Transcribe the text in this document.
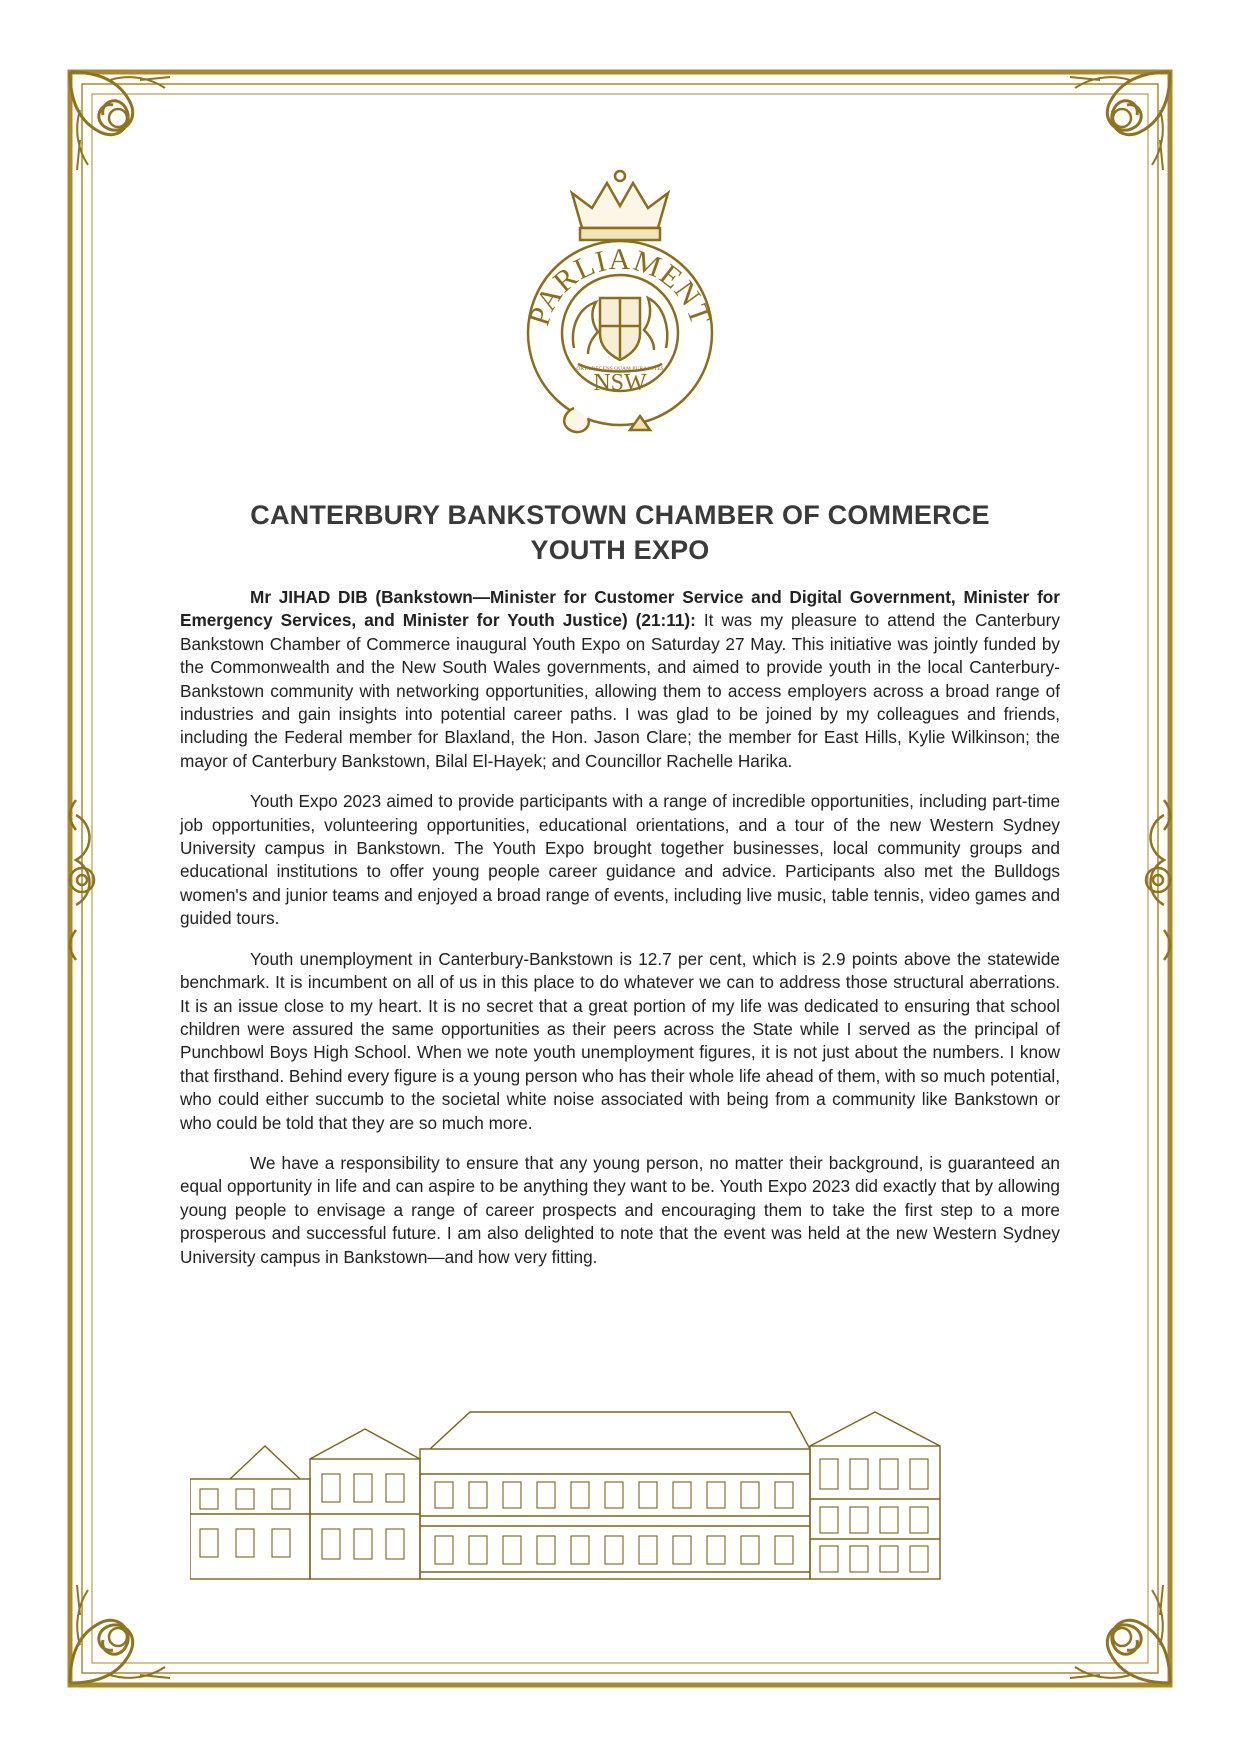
PARLIAMENT
NSW
ORTA RECENS QUAM PURA NITES
CANTERBURY BANKSTOWN CHAMBER OF COMMERCE
YOUTH EXPO

Mr JIHAD DIB (Bankstown—Minister for Customer Service and Digital Government, Minister for Emergency Services, and Minister for Youth Justice) (21:11): It was my pleasure to attend the Canterbury Bankstown Chamber of Commerce inaugural Youth Expo on Saturday 27 May. This initiative was jointly funded by the Commonwealth and the New South Wales governments, and aimed to provide youth in the local Canterbury-Bankstown community with networking opportunities, allowing them to access employers across a broad range of industries and gain insights into potential career paths. I was glad to be joined by my colleagues and friends, including the Federal member for Blaxland, the Hon. Jason Clare; the member for East Hills, Kylie Wilkinson; the mayor of Canterbury Bankstown, Bilal El-Hayek; and Councillor Rachelle Harika.

Youth Expo 2023 aimed to provide participants with a range of incredible opportunities, including part-time job opportunities, volunteering opportunities, educational orientations, and a tour of the new Western Sydney University campus in Bankstown. The Youth Expo brought together businesses, local community groups and educational institutions to offer young people career guidance and advice. Participants also met the Bulldogs women's and junior teams and enjoyed a broad range of events, including live music, table tennis, video games and guided tours.

Youth unemployment in Canterbury-Bankstown is 12.7 per cent, which is 2.9 points above the statewide benchmark. It is incumbent on all of us in this place to do whatever we can to address those structural aberrations. It is an issue close to my heart. It is no secret that a great portion of my life was dedicated to ensuring that school children were assured the same opportunities as their peers across the State while I served as the principal of Punchbowl Boys High School. When we note youth unemployment figures, it is not just about the numbers. I know that firsthand. Behind every figure is a young person who has their whole life ahead of them, with so much potential, who could either succumb to the societal white noise associated with being from a community like Bankstown or who could be told that they are so much more.

We have a responsibility to ensure that any young person, no matter their background, is guaranteed an equal opportunity in life and can aspire to be anything they want to be. Youth Expo 2023 did exactly that by allowing young people to envisage a range of career prospects and encouraging them to take the first step to a more prosperous and successful future. I am also delighted to note that the event was held at the new Western Sydney University campus in Bankstown—and how very fitting.
